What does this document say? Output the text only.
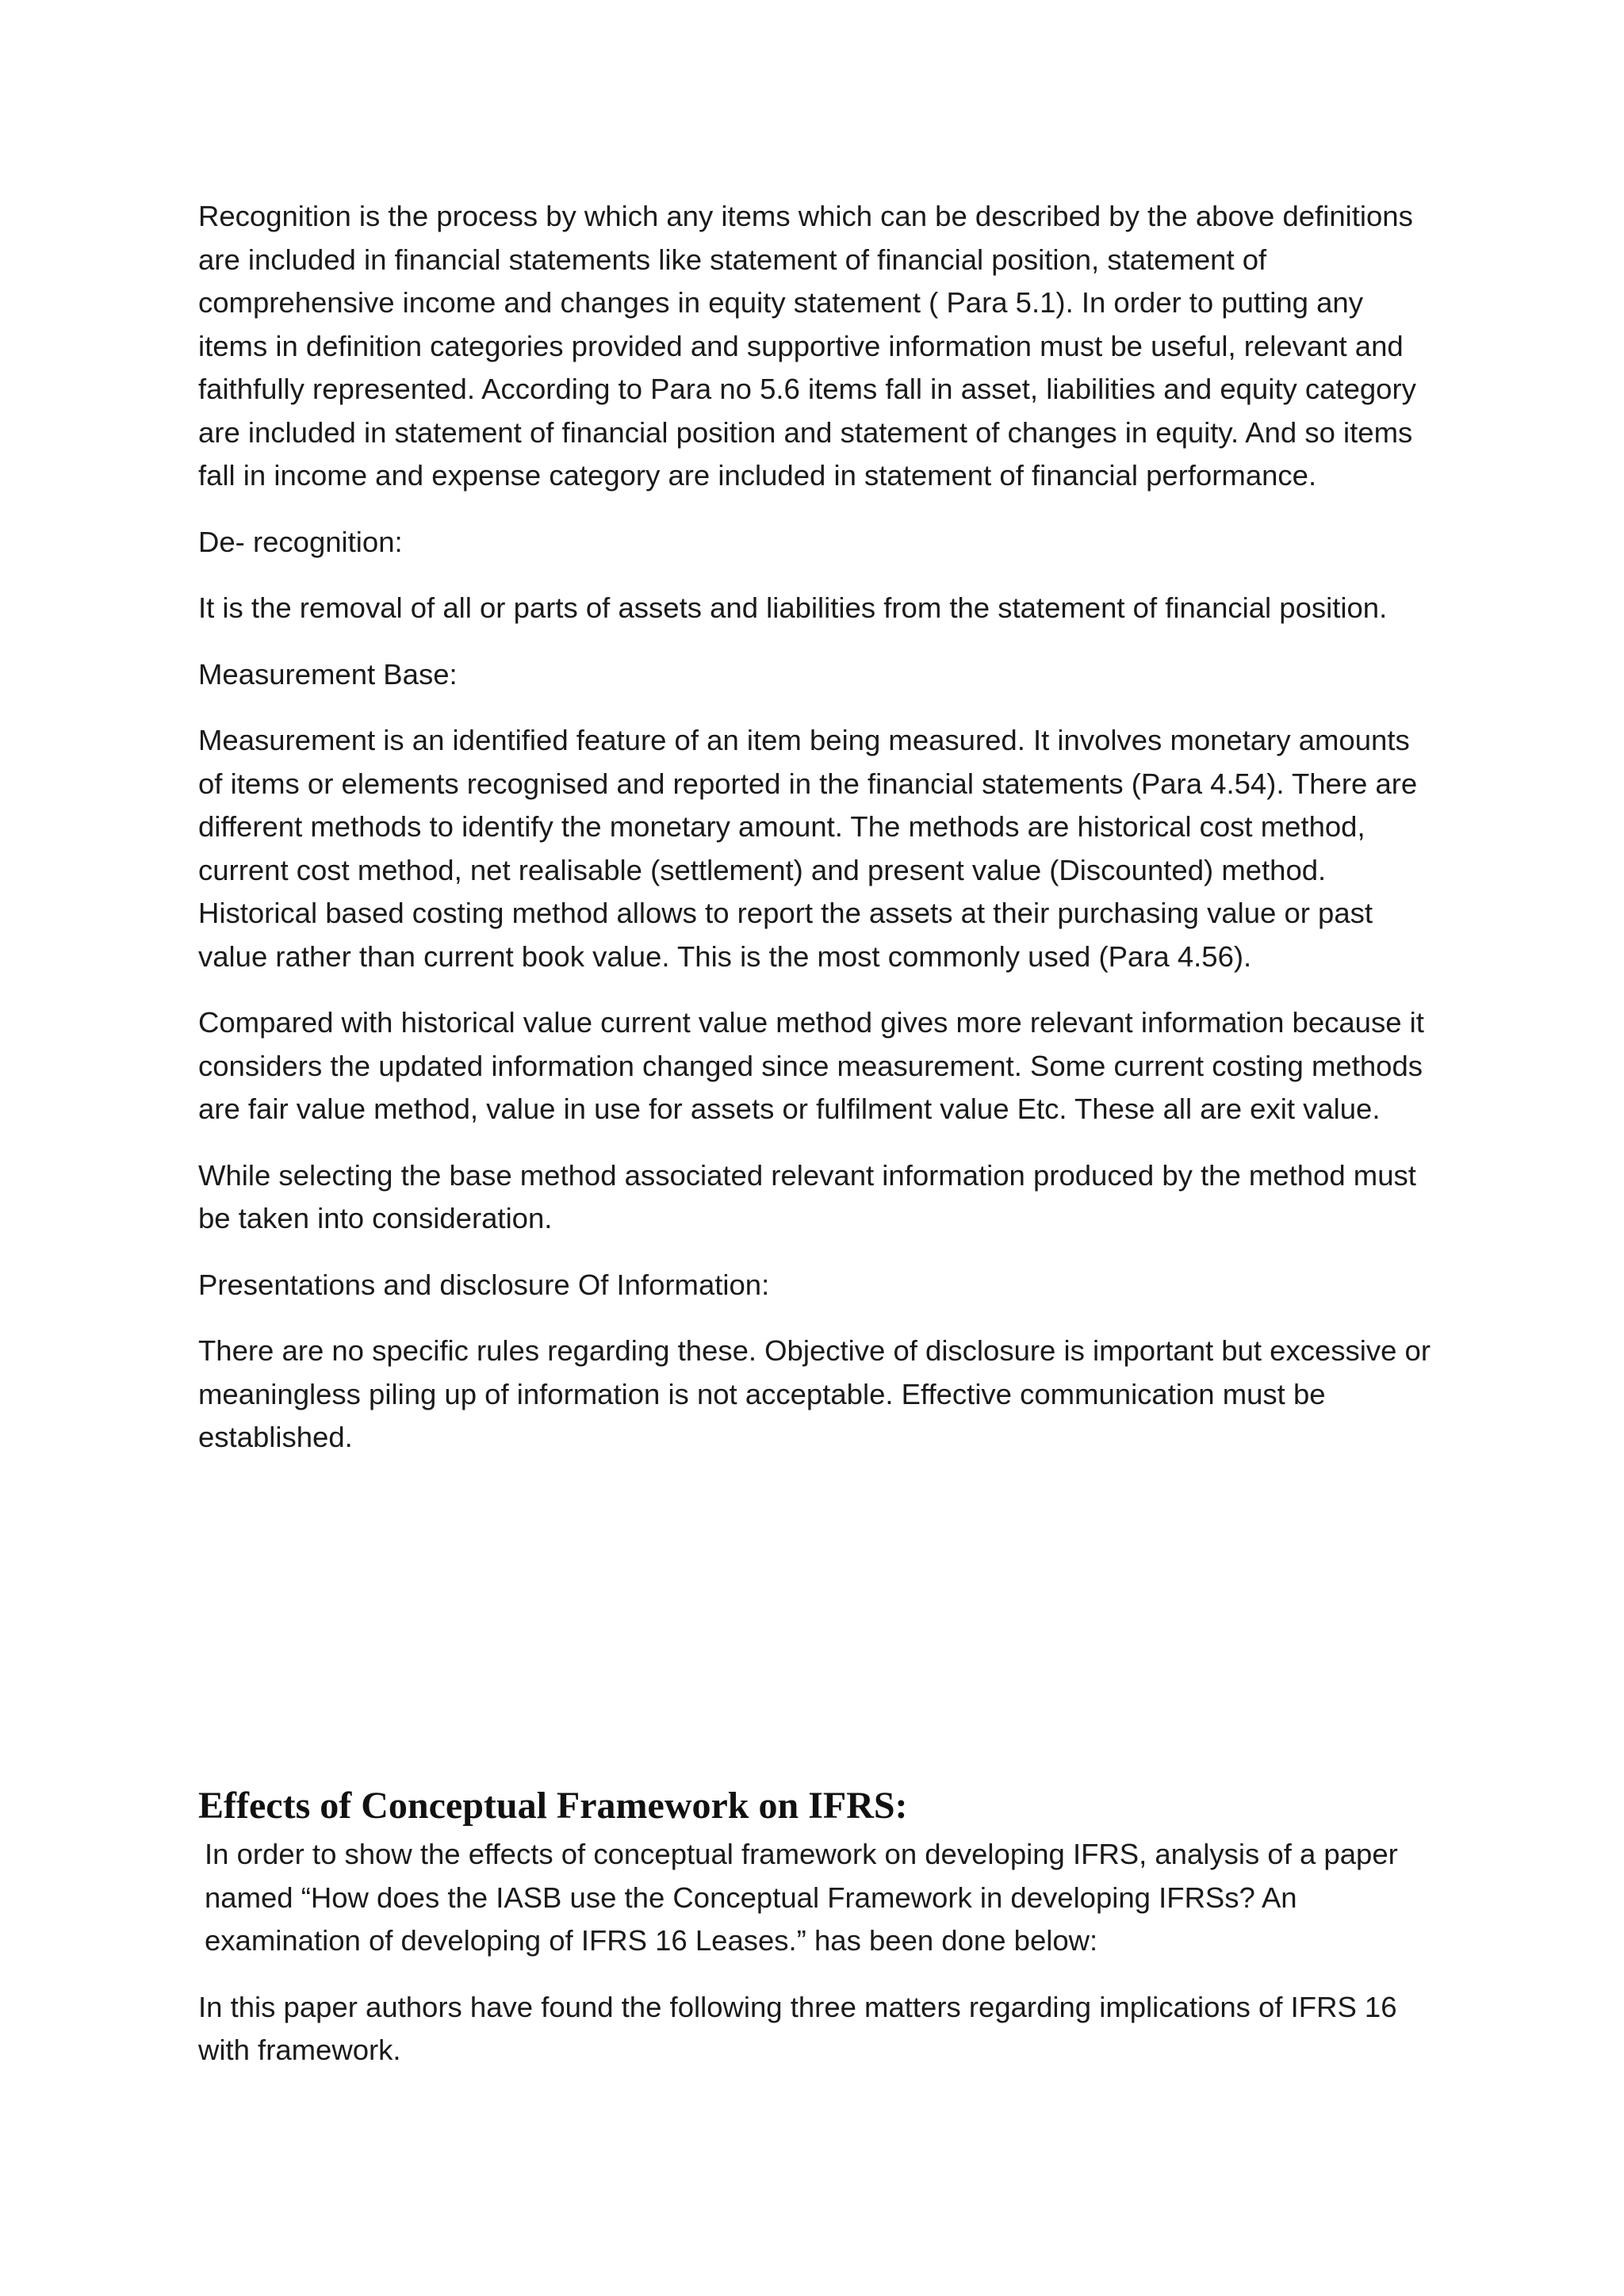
Recognition is the process by which any items which can be described by the above definitions are included in financial statements like statement of financial position, statement of comprehensive income and changes in equity statement ( Para 5.1). In order to putting any items in definition categories provided and supportive information must be useful, relevant and faithfully represented. According to Para no 5.6 items fall in asset, liabilities and equity category are included in statement of financial position and statement of changes in equity. And so items fall in income and expense category are included in statement of financial performance.

De- recognition:

It is the removal of all or parts of assets and liabilities from the statement of financial position.

Measurement Base:

Measurement is an identified feature of an item being measured. It involves monetary amounts of items or elements recognised and reported in the financial statements (Para 4.54). There are different methods to identify the monetary amount. The methods are historical cost method, current cost method, net realisable (settlement) and present value (Discounted) method. Historical based costing method allows to report the assets at their purchasing value or past value rather than current book value. This is the most commonly used (Para 4.56).

Compared with historical value current value method gives more relevant information because it considers the updated information changed since measurement. Some current costing methods are fair value method, value in use for assets or fulfilment value Etc. These all are exit value.

While selecting the base method associated relevant information produced by the method must be taken into consideration.

Presentations and disclosure Of Information:

There are no specific rules regarding these. Objective of disclosure is important but excessive or meaningless piling up of information is not acceptable. Effective communication must be established.

Effects of Conceptual Framework on IFRS:

In order to show the effects of conceptual framework on developing IFRS, analysis of a paper named “How does the IASB use the Conceptual Framework in developing IFRSs? An examination of developing of IFRS 16 Leases.” has been done below:

In this paper authors have found the following three matters regarding implications of IFRS 16 with framework.
